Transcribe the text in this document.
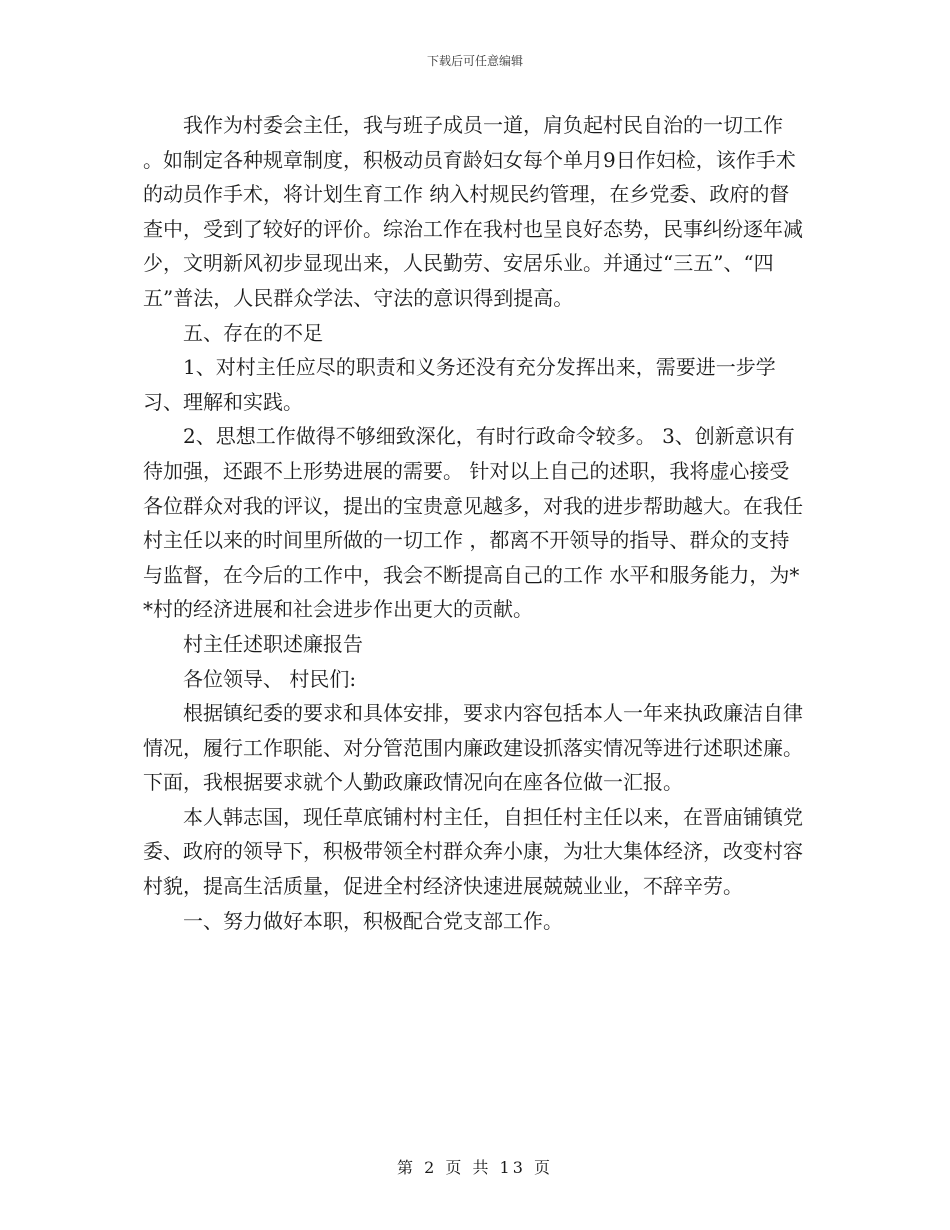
下载后可任意编辑

我作为村委会主任，我与班子成员一道，肩负起村民自治的一切工作 。如制定各种规章制度，积极动员育龄妇女每个单月9日作妇检，该作手术的动员作手术，将计划生育工作 纳入村规民约管理，在乡党委、政府的督查中，受到了较好的评价。综治工作在我村也呈良好态势，民事纠纷逐年减少，文明新风初步显现出来，人民勤劳、安居乐业。并通过“三五”、“四五”普法，人民群众学法、守法的意识得到提高。

五、存在的不足

1、对村主任应尽的职责和义务还没有充分发挥出来，需要进一步学习、理解和实践。

2、思想工作做得不够细致深化，有时行政命令较多。 3、创新意识有待加强，还跟不上形势进展的需要。 针对以上自己的述职，我将虚心接受各位群众对我的评议，提出的宝贵意见越多，对我的进步帮助越大。在我任村主任以来的时间里所做的一切工作 ，都离不开领导的指导、群众的支持与监督，在今后的工作中，我会不断提高自己的工作 水平和服务能力，为**村的经济进展和社会进步作出更大的贡献。

村主任述职述廉报告

各位领导、 村民们:

根据镇纪委的要求和具体安排，要求内容包括本人一年来执政廉洁自律情况，履行工作职能、对分管范围内廉政建设抓落实情况等进行述职述廉。下面，我根据要求就个人勤政廉政情况向在座各位做一汇报。

本人韩志国，现任草底铺村村主任，自担任村主任以来，在晋庙铺镇党委、政府的领导下，积极带领全村群众奔小康，为壮大集体经济，改变村容村貌，提高生活质量，促进全村经济快速进展兢兢业业，不辞辛劳。

一、努力做好本职，积极配合党支部工作。

第 2 页 共 13 页
